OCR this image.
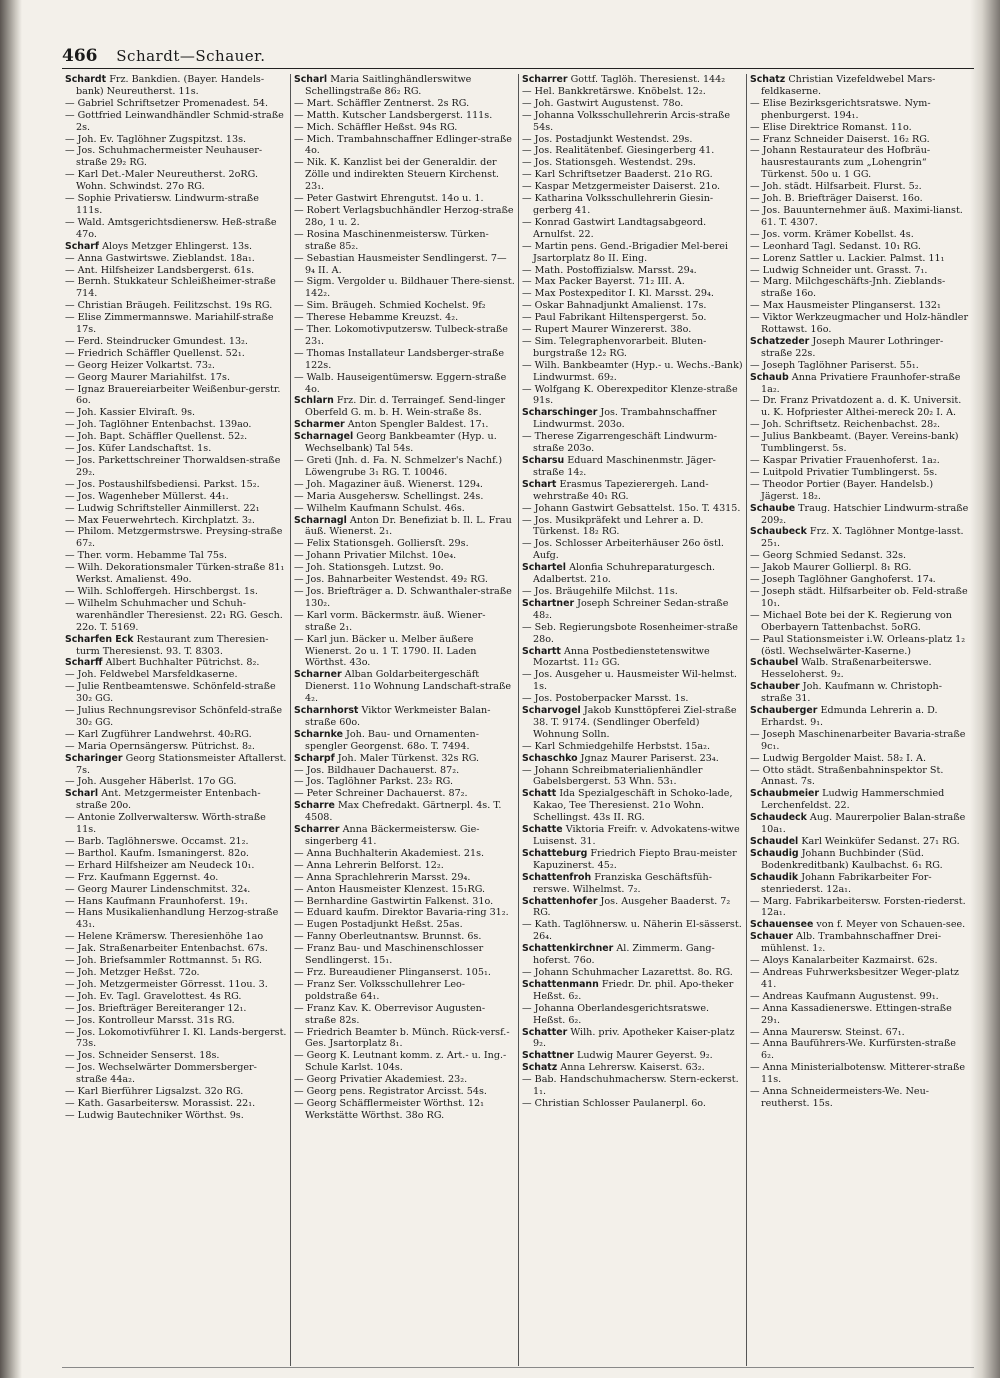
466 Schardt—Schauer.

Schardt Frz. Bankdien. (Bayer. Handels-bank) Neureutherst. 11s.

— Gabriel Schriftsetzer Promenadest. 54.

— Gottfried Leinwandhändler Schmid-straße 2s.

— Joh. Ev. Taglöhner Zugspitzst. 13s.

— Jos. Schuhmachermeister Neuhauser-straße 29₂ RG.

— Karl Det.-Maler Neureutherst. 2oRG. Wohn. Schwindst. 27o RG.

— Sophie Privatiersw. Lindwurm-straße 111s.

— Wald. Amtsgerichtsdienersw. Heß-straße 47o.

Scharf Aloys Metzger Ehlingerst. 13s.

— Anna Gastwirtswe. Zieblandst. 18a₁.

— Ant. Hilfsheizer Landsbergerst. 61s.

— Bernh. Stukkateur Schleißheimer-straße 714.

— Christian Bräugeh. Feilitzschst. 19s RG.

— Elise Zimmermannswe. Mariahilf-straße 17s.

— Ferd. Steindrucker Gmundest. 13₂.

— Friedrich Schäffler Quellenst. 52₁.

— Georg Heizer Volkartst. 73₂.

— Georg Maurer Mariahilfst. 17s.

— Ignaz Brauereiarbeiter Weißenbur-gerstr. 6o.

— Joh. Kassier Elviraſt. 9s.

— Joh. Taglöhner Entenbachst. 139ao.

— Joh. Bapt. Schäffler Quellenst. 52₂.

— Jos. Küfer Landschaftst. 1s.

— Jos. Parkettschreiner Thorwaldsen-straße 29₂.

— Jos. Postaushilfsbediensi. Parkst. 15₂.

— Jos. Wagenheber Müllerst. 44₁.

— Ludwig Schriftsteller Ainmillerst. 22₁

— Max Feuerwehrtech. Kirchplatzt. 3₂.

— Philom. Metzgermstrswe. Preysing-straße 67₂.

— Ther. vorm. Hebamme Tal 75s.

— Wilh. Dekorationsmaler Türken-straße 81₁ Werkst. Amalienst. 49o.

— Wilh. Schloffergeh. Hirschbergst. 1s.

— Wilhelm Schuhmacher und Schuh-warenhändler Theresienst. 22₁ RG. Gesch. 22o. T. 5169.

Scharfen Eck Restaurant zum Theresien-turm Theresienst. 93. T. 8303.

Scharff Albert Buchhalter Pütrichst. 8₂.

— Joh. Feldwebel Marsfeldkaserne.

— Julie Rentbeamtenswe. Schönfeld-straße 30₂ GG.

— Julius Rechnungsrevisor Schönfeld-straße 30₂ GG.

— Karl Zugführer Landwehrst. 40₂RG.

— Maria Opernsängersw. Pütrichst. 8₂.

Scharinger Georg Stationsmeister Aftallerst. 7s.

— Joh. Ausgeher Häberlst. 17o GG.

Scharl Ant. Metzgermeister Entenbach-straße 20o.

— Antonie Zollverwaltersw. Wörth-straße 11s.

— Barb. Taglöhnerswe. Occamst. 21₂.

— Barthol. Kaufm. Ismaningerst. 82o.

— Erhard Hilfsheizer am Neudeck 10₁.

— Frz. Kaufmann Eggernst. 4o.

— Georg Maurer Lindenschmitst. 32₄.

— Hans Kaufmann Fraunhoferst. 19₁.

— Hans Musikalienhandlung Herzog-straße 43₁.

— Helene Krämersw. Theresienhöhe 1ao

— Jak. Straßenarbeiter Entenbachst. 67s.

— Joh. Briefsammler Rottmannst. 5₁ RG.

— Joh. Metzger Heßst. 72o.

— Joh. Metzgermeister Görresst. 11ou. 3.

— Joh. Ev. Tagl. Gravelottest. 4s RG.

— Jos. Briefträger Bereiteranger 12₁.

— Jos. Kontrolleur Marsst. 31s RG.

— Jos. Lokomotivführer I. Kl. Lands-bergerst. 73s.

— Jos. Schneider Senserst. 18s.

— Jos. Wechselwärter Dommersberger-straße 44a₂.

— Karl Bierführer Ligsalzst. 32o RG.

— Kath. Gasarbeitersw. Morassist. 22₁.

— Ludwig Bautechniker Wörthst. 9s.

Scharl Maria Saitlinghändlerswitwe Schellingstraße 86₂ RG.

— Mart. Schäffler Zentnerst. 2s RG.

— Matth. Kutscher Landsbergerst. 111s.

— Mich. Schäffler Heßst. 94s RG.

— Mich. Trambahnschaffner Edlinger-straße 4o.

— Nik. K. Kanzlist bei der Generaldir. der Zölle und indirekten Steuern Kirchenst. 23₁.

— Peter Gastwirt Ehrengutst. 14o u. 1.

— Robert Verlagsbuchhändler Herzog-straße 28o, 1 u. 2.

— Rosina Maschinenmeistersw. Türken-straße 85₂.

— Sebastian Hausmeister Sendlingerst. 7—9₄ II. A.

— Sigm. Vergolder u. Bildhauer There-sienst. 142₂.

— Sim. Bräugeh. Schmied Kochelst. 9f₂

— Therese Hebamme Kreuzst. 4₂.

— Ther. Lokomotivputzersw. Tulbeck-straße 23₁.

— Thomas Installateur Landsberger-straße 122s.

— Walb. Hauseigentümersw. Eggern-straße 4o.

Schlarn Frz. Dir. d. Terraingef. Send-linger Oberfeld G. m. b. H. Wein-straße 8s.

Scharmer Anton Spengler Baldest. 17₁.

Scharnagel Georg Bankbeamter (Hyp. u. Wechselbank) Tal 54s.

— Greti (Jnh. d. Fa. N. Schmelzer's Nachf.) Löwengrube 3₁ RG. T. 10046.

— Joh. Magaziner äuß. Wienerst. 129₄.

— Maria Ausgehersw. Schellingst. 24s.

— Wilhelm Kaufmann Schulst. 46s.

Scharnagl Anton Dr. Benefiziat b. Il. L. Frau äuß. Wienerst. 2₁.

— Felix Stationsgeh. Golliersſt. 29s.

— Johann Privatier Milchst. 10e₄.

— Joh. Stationsgeh. Lutzst. 9o.

— Jos. Bahnarbeiter Westendst. 49₂ RG.

— Jos. Briefträger a. D. Schwanthaler-straße 130₂.

— Karl vorm. Bäckermstr. äuß. Wiener-straße 2₁.

— Karl jun. Bäcker u. Melber äußere Wienerst. 2o u. 1 T. 1790. II. Laden Wörthst. 43o.

Scharner Alban Goldarbeitergeschäft Dienerst. 11o Wohnung Landschaft-straße 4₂.

Scharnhorst Viktor Werkmeister Balan-straße 60o.

Scharnke Joh. Bau- und Ornamenten-spengler Georgenst. 68o. T. 7494.

Scharpf Joh. Maler Türkenst. 32s RG.

— Jos. Bildhauer Dachauerst. 87₂.

— Jos. Taglöhner Parkst. 23₂ RG.

— Peter Schreiner Dachauerst. 87₂.

Scharre Max Chefredakt. Gärtnerpl. 4s. T. 4508.

Scharrer Anna Bäckermeistersw. Gie-singerberg 41.

— Anna Buchhalterin Akademiest. 21s.

— Anna Lehrerin Belforst. 12₂.

— Anna Sprachlehrerin Marsst. 29₄.

— Anton Hausmeister Klenzest. 15₁RG.

— Bernhardine Gastwirtin Falkenst. 31o.

— Eduard kaufm. Direktor Bavaria-ring 31₂.

— Eugen Postadjunkt Heßst. 25as.

— Fanny Oberleutnantsw. Brunnst. 6s.

— Franz Bau- und Maschinenschlosser Sendlingerst. 15₁.

— Frz. Bureaudiener Plinganserst. 105₁.

— Franz Ser. Volksschullehrer Leo-poldstraße 64₁.

— Franz Kav. K. Oberrevisor Augusten-straße 82s.

— Friedrich Beamter b. Münch. Rück-versf.-Ges. Jsartorplatz 8₁.

— Georg K. Leutnant komm. z. Art.- u. Ing.-Schule Karlst. 104s.

— Georg Privatier Akademiest. 23₂.

— Georg pens. Registrator Arcisst. 54s.

— Georg Schäfflermeister Wörthst. 12₁ Werkstätte Wörthst. 38o RG.

Scharrer Gottf. Taglöh. Theresienst. 144₂

— Hel. Bankkretärswe. Knöbelst. 12₂.

— Joh. Gastwirt Augustenst. 78o.

— Johanna Volksschullehrerin Arcis-straße 54s.

— Jos. Postadjunkt Westendst. 29s.

— Jos. Realitätenbef. Giesingerberg 41.

— Jos. Stationsgeh. Westendst. 29s.

— Karl Schriftsetzer Baaderst. 21o RG.

— Kaspar Metzgermeister Daiserst. 21o.

— Katharina Volksschullehrerin Giesin-gerberg 41.

— Konrad Gastwirt Landtagsabgeord. Arnulfst. 22.

— Martin pens. Gend.-Brigadier Mel-berei Jsartorplatz 8o II. Eing.

— Math. Postoffizialsw. Marsst. 29₄.

— Max Packer Bayerst. 71₂ III. A.

— Max Postexpeditor I. Kl. Marsst. 29₄.

— Oskar Bahnadjunkt Amalienst. 17s.

— Paul Fabrikant Hiltenspergerst. 5o.

— Rupert Maurer Winzererst. 38o.

— Sim. Telegraphenvorarbeit. Bluten-burgstraße 12₂ RG.

— Wilh. Bankbeamter (Hyp.- u. Wechs.-Bank) Lindwurmst. 69₂.

— Wolfgang K. Oberexpeditor Klenze-straße 91s.

Scharschinger Jos. Trambahnschaffner Lindwurmst. 203o.

— Therese Zigarrengeschäft Lindwurm-straße 203o.

Scharsu Eduard Maschinenmstr. Jäger-straße 14₂.

Schart Erasmus Tapezierergeh. Land-wehrstraße 40₁ RG.

— Johann Gastwirt Gebsattelst. 15o. T. 4315.

— Jos. Musikpräfekt und Lehrer a. D. Türkenst. 18₂ RG.

— Jos. Schlosser Arbeiterhäuser 26o östl. Aufg.

Schartel Alonfia Schuhreparaturgesch. Adalbertst. 21o.

— Jos. Bräugehilfe Milchst. 11s.

Schartner Joseph Schreiner Sedan-straße 48₂.

— Seb. Regierungsbote Rosenheimer-straße 28o.

Schartt Anna Postbedienstetenswitwe Mozartst. 11₂ GG.

— Jos. Ausgeher u. Hausmeister Wil-helmst. 1s.

— Jos. Postoberpacker Marsst. 1s.

Scharvogel Jakob Kunsttöpferei Ziel-straße 38. T. 9174. (Sendlinger Oberfeld) Wohnung Solln.

— Karl Schmiedgehilfe Herbstst. 15a₂.

Schaschko Jgnaz Maurer Pariserst. 23₄.

— Johann Schreibmaterialienhändler Gabelsbergerst. 53 Whn. 53₁.

Schatt Ida Spezialgeschäft in Schoko-lade, Kakao, Tee Theresienst. 21o Wohn. Schellingst. 43s II. RG.

Schatte Viktoria Freifr. v. Advokatens-witwe Luisenst. 31.

Schatteburg Friedrich Fiepto Brau-meister Kapuzinerst. 45₂.

Schattenfroh Franziska Geschäftsfüh-rerswe. Wilhelmst. 7₂.

Schattenhofer Jos. Ausgeher Baaderst. 7₂ RG.

— Kath. Taglöhnersw. u. Näherin El-sässerst. 26₄.

Schattenkirchner Al. Zimmerm. Gang-hoferst. 76o.

— Johann Schuhmacher Lazarettst. 8o. RG.

Schattenmann Friedr. Dr. phil. Apo-theker Heßst. 6₂.

— Johanna Oberlandesgerichtsratswe. Heßst. 6₂.

Schatter Wilh. priv. Apotheker Kaiser-platz 9₂.

Schattner Ludwig Maurer Geyerst. 9₂.

Schatz Anna Lehrersw. Kaiserst. 63₂.

— Bab. Handschuhmachersw. Stern-eckerst. 1₁.

— Christian Schlosser Paulanerpl. 6o.

Schatz Christian Vizefeldwebel Mars-feldkaserne.

— Elise Bezirksgerichtsratswe. Nym-phenburgerst. 194₁.

— Elise Direktrice Romanst. 11o.

— Franz Schneider Daiserst. 16₂ RG.

— Johann Restaurateur des Hofbräu-hausrestaurants zum „Lohengrin“ Türkenst. 50o u. 1 GG.

— Joh. städt. Hilfsarbeit. Flurst. 5₂.

— Joh. B. Briefträger Daiserst. 16o.

— Jos. Bauunternehmer äuß. Maximi-lianst. 61. T. 4307.

— Jos. vorm. Krämer Kobellst. 4s.

— Leonhard Tagl. Sedanst. 10₁ RG.

— Lorenz Sattler u. Lackier. Palmst. 11₁

— Ludwig Schneider unt. Grasst. 7₁.

— Marg. Milchgeschäfts-Jnh. Zieblands-straße 16o.

— Max Hausmeister Plinganserst. 132₁

— Viktor Werkzeugmacher und Holz-händler Rottawst. 16o.

Schatzeder Joseph Maurer Lothringer-straße 22s.

— Joseph Taglöhner Pariserst. 55₁.

Schaub Anna Privatiere Fraunhofer-straße 1a₂.

— Dr. Franz Privatdozent a. d. K. Universit. u. K. Hofpriester Althei-mereck 20₂ I. A.

— Joh. Schriftsetz. Reichenbachst. 28₂.

— Julius Bankbeamt. (Bayer. Vereins-bank) Tumblingerst. 5s.

— Kaspar Privatier Frauenhoferst. 1a₂.

— Luitpold Privatier Tumblingerst. 5s.

— Theodor Portier (Bayer. Handelsb.) Jägerst. 18₂.

Schaube Traug. Hatschier Lindwurm-straße 209₂.

Schaubeck Frz. X. Taglöhner Montge-lasst. 25₁.

— Georg Schmied Sedanst. 32s.

— Jakob Maurer Gollierpl. 8₁ RG.

— Joseph Taglöhner Ganghoferst. 17₄.

— Joseph städt. Hilfsarbeiter ob. Feld-straße 10₁.

— Michael Bote bei der K. Regierung von Oberbayern Tattenbachst. 5oRG.

— Paul Stationsmeister i.W. Orleans-platz 1₂ (östl. Wechselwärter-Kaserne.)

Schaubel Walb. Straßenarbeiterswe. Hesseloherst. 9₂.

Schauber Joh. Kaufmann w. Christoph-straße 31.

Schauberger Edmunda Lehrerin a. D. Erhardst. 9₁.

— Joseph Maschinenarbeiter Bavaria-straße 9c₁.

— Ludwig Bergolder Maist. 58₂ I. A.

— Otto städt. Straßenbahninspektor St. Annast. 7s.

Schaubmeier Ludwig Hammerschmied Lerchenfeldst. 22.

Schaudeck Aug. Maurerpolier Balan-straße 10a₁.

Schaudel Karl Weinküfer Sedanst. 27₁ RG.

Schaudig Johann Buchbinder (Süd. Bodenkreditbank) Kaulbachst. 6₁ RG.

Schaudik Johann Fabrikarbeiter For-stenriederst. 12a₁.

— Marg. Fabrikarbeitersw. Forsten-riederst. 12a₁.

Schauensee von f. Meyer von Schauen-see.

Schauer Alb. Trambahnschaffner Drei-mühlenst. 1₂.

— Aloys Kanalarbeiter Kazmairst. 62s.

— Andreas Fuhrwerksbesitzer Weger-platz 41.

— Andreas Kaufmann Augustenst. 99₁.

— Anna Kassadienerswe. Ettingen-straße 29₁.

— Anna Maurersw. Steinst. 67₁.

— Anna Bauführers-We. Kurfürsten-straße 6₂.

— Anna Ministerialbotensw. Mitterer-straße 11s.

— Anna Schneidermeisters-We. Neu-reutherst. 15s.
